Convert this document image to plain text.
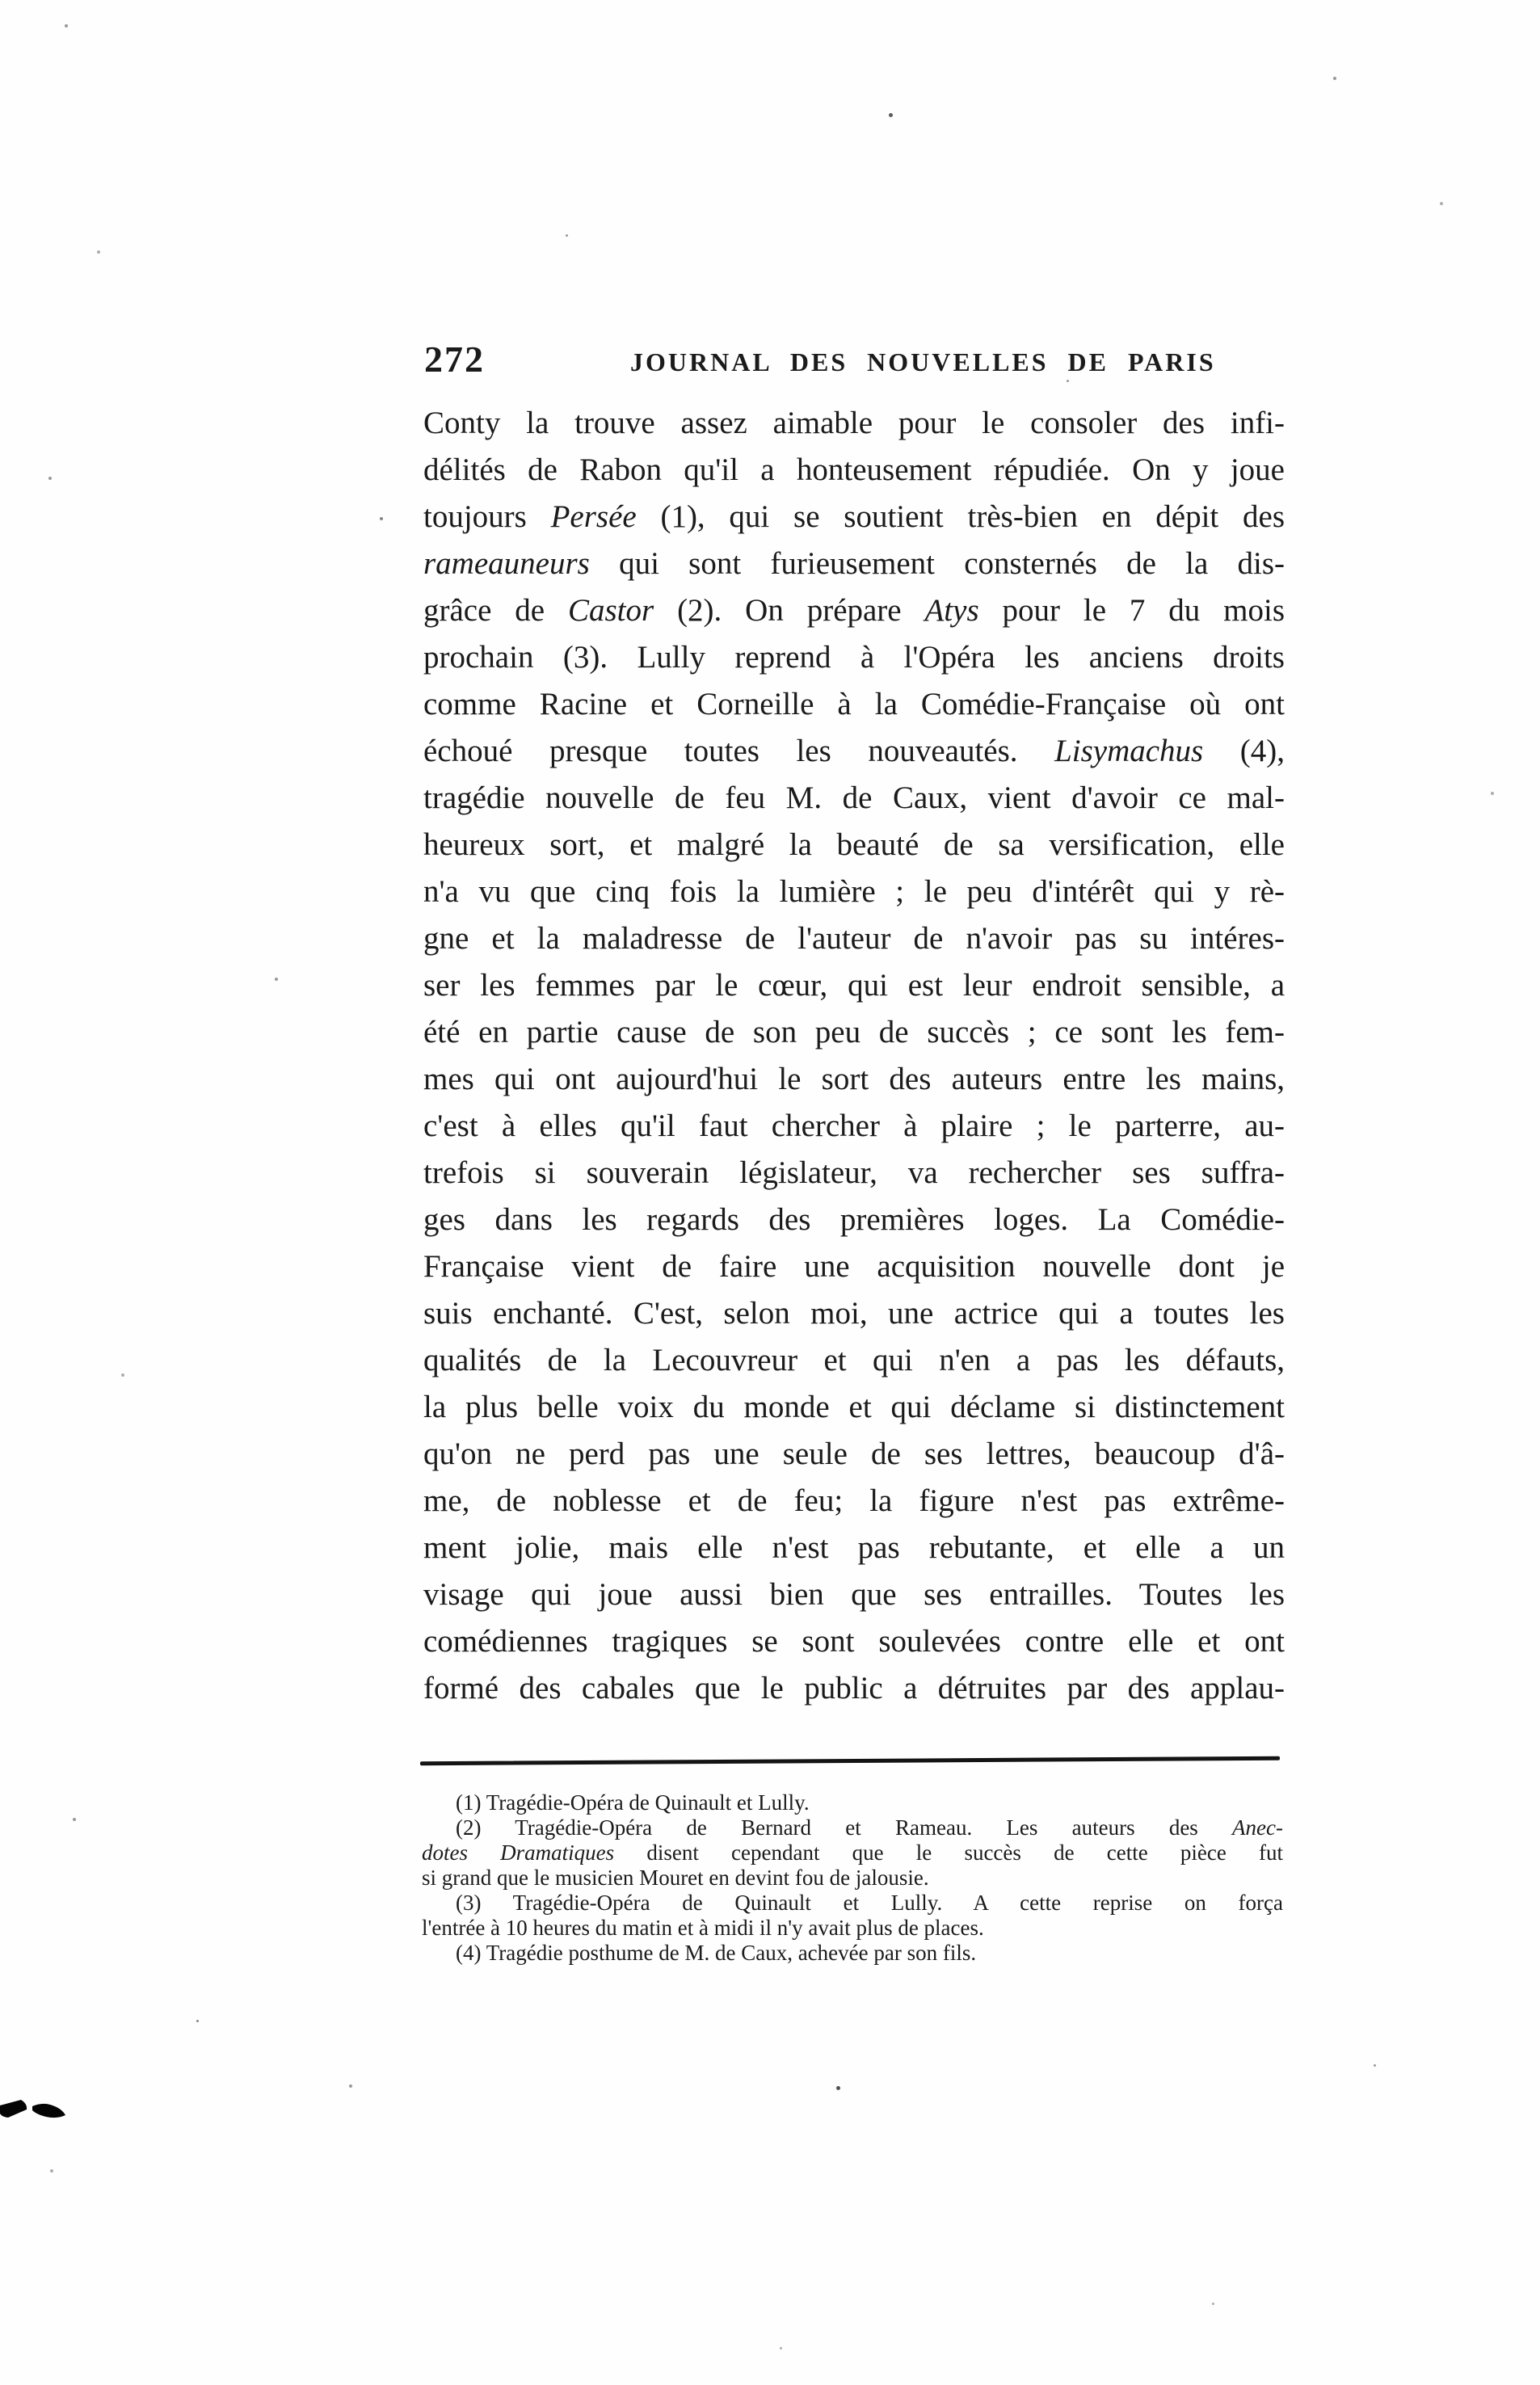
272	JOURNAL DES NOUVELLES DE PARIS
Conty la trouve assez aimable pour le consoler des infi-
délités de Rabon qu'il a honteusement répudiée. On y joue
toujours Persée (1), qui se soutient très-bien en dépit des
rameauneurs qui sont furieusement consternés de la dis-
grâce de Castor (2). On prépare Atys pour le 7 du mois
prochain (3). Lully reprend à l'Opéra les anciens droits
comme Racine et Corneille à la Comédie-Française où ont
échoué presque toutes les nouveautés. Lisymachus (4),
tragédie nouvelle de feu M. de Caux, vient d'avoir ce mal-
heureux sort, et malgré la beauté de sa versification, elle
n'a vu que cinq fois la lumière ; le peu d'intérêt qui y rè-
gne et la maladresse de l'auteur de n'avoir pas su intéres-
ser les femmes par le cœur, qui est leur endroit sensible, a
été en partie cause de son peu de succès ; ce sont les fem-
mes qui ont aujourd'hui le sort des auteurs entre les mains,
c'est à elles qu'il faut chercher à plaire ; le parterre, au-
trefois si souverain législateur, va rechercher ses suffra-
ges dans les regards des premières loges. La Comédie-
Française vient de faire une acquisition nouvelle dont je
suis enchanté. C'est, selon moi, une actrice qui a toutes les
qualités de la Lecouvreur et qui n'en a pas les défauts,
la plus belle voix du monde et qui déclame si distinctement
qu'on ne perd pas une seule de ses lettres, beaucoup d'â-
me, de noblesse et de feu; la figure n'est pas extrême-
ment jolie, mais elle n'est pas rebutante, et elle a un
visage qui joue aussi bien que ses entrailles. Toutes les
comédiennes tragiques se sont soulevées contre elle et ont
formé des cabales que le public a détruites par des applau-
(1) Tragédie-Opéra de Quinault et Lully.
(2) Tragédie-Opéra de Bernard et Rameau. Les auteurs des Anec-
dotes Dramatiques disent cependant que le succès de cette pièce fut
si grand que le musicien Mouret en devint fou de jalousie.
(3) Tragédie-Opéra de Quinault et Lully. A cette reprise on força
l'entrée à 10 heures du matin et à midi il n'y avait plus de places.
(4) Tragédie posthume de M. de Caux, achevée par son fils.
